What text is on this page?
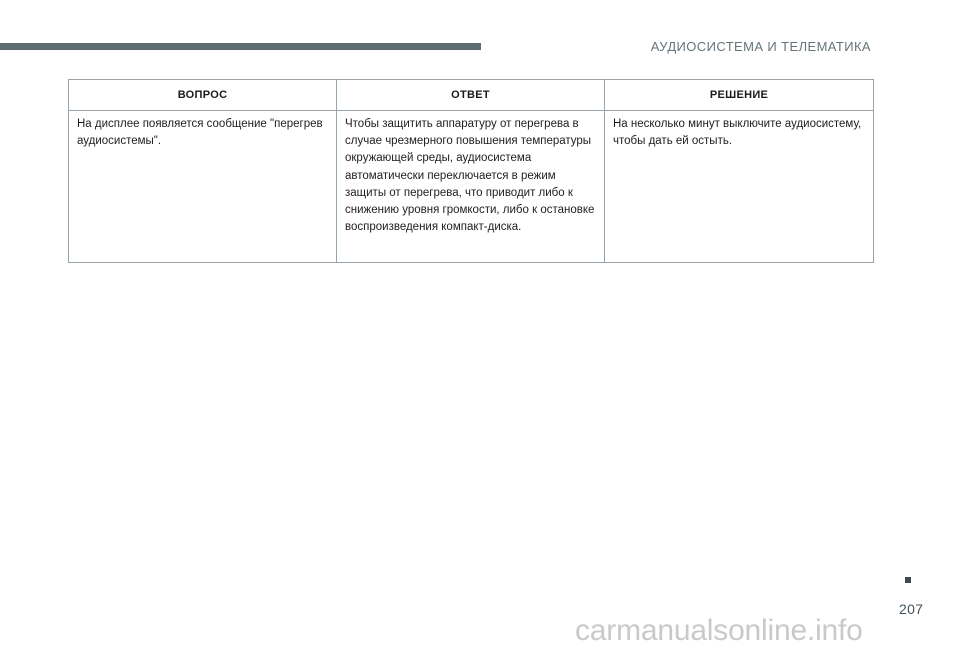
АУДИОСИСТЕМА И ТЕЛЕМАТИКА
ВОПРОС	ОТВЕТ	РЕШЕНИЕ
На дисплее появляется сообщение "перегрев аудиосистемы".	Чтобы защитить аппаратуру от перегрева в случае чрезмерного повышения температуры окружающей среды, аудиосистема автоматически переключается в режим защиты от перегрева, что приводит либо к снижению уровня громкости, либо к остановке воспроизведения компакт-диска.	На несколько минут выключите аудиосистему, чтобы дать ей остыть.
207
carmanualsonline.info
